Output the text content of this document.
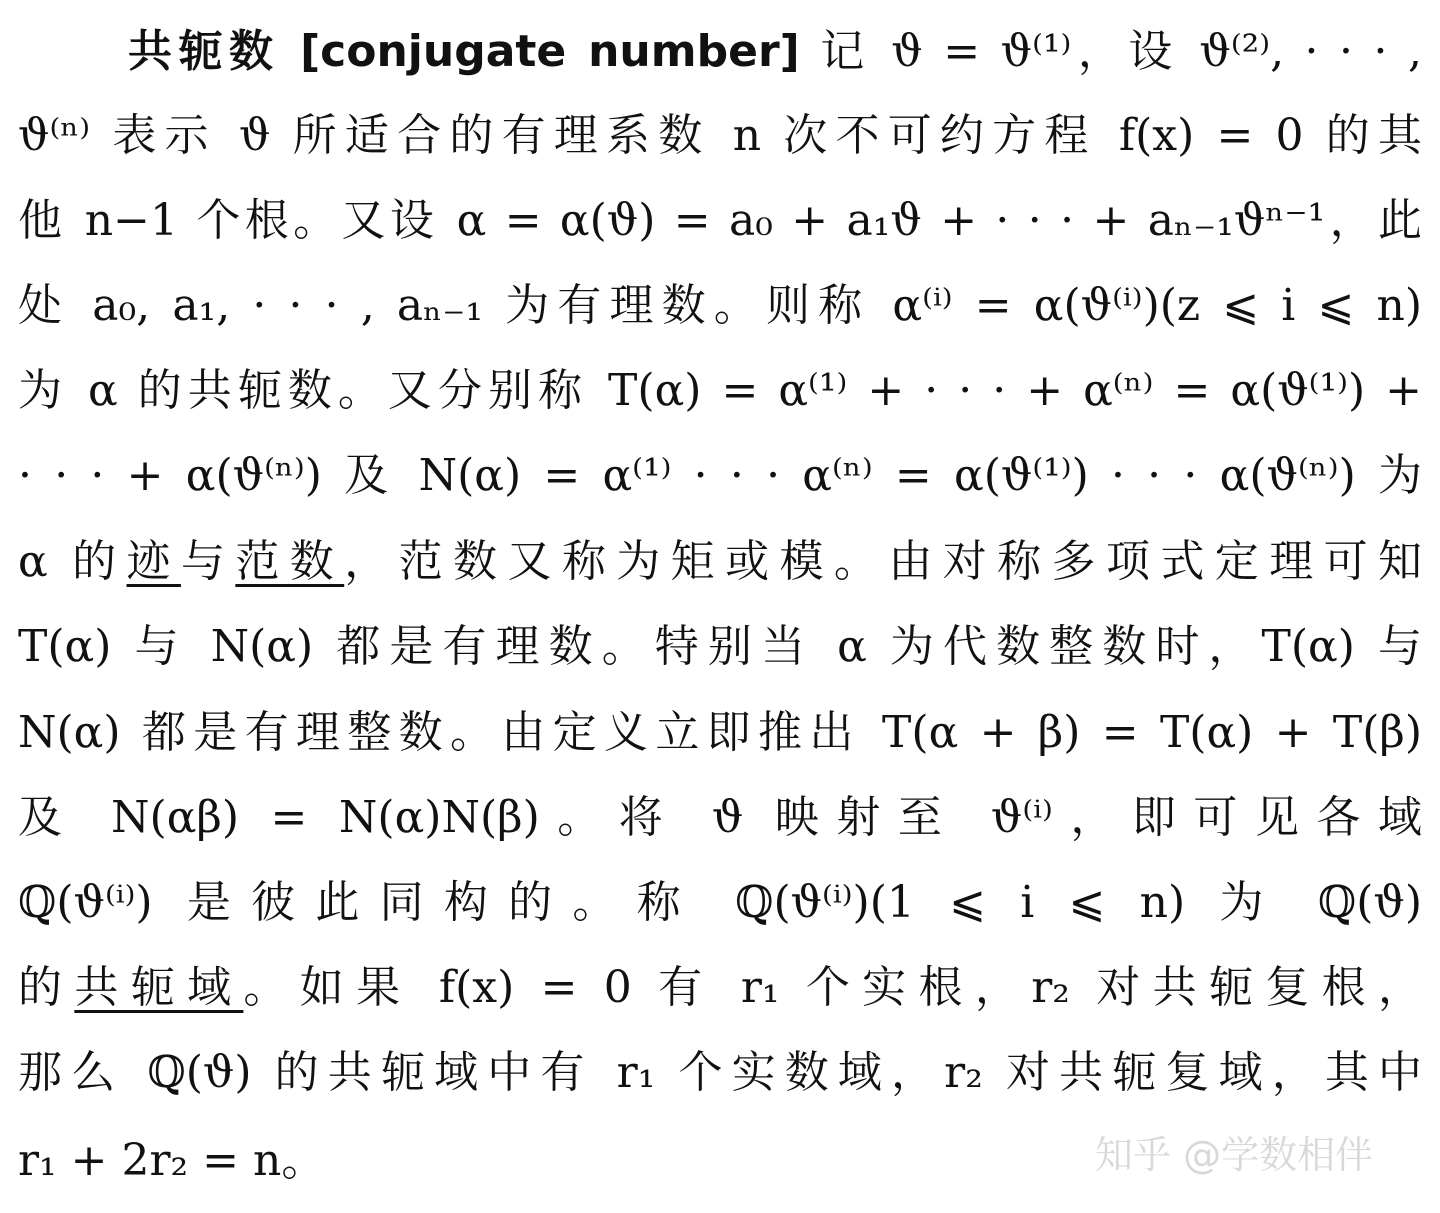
共轭数 [conjugate number] 记 ϑ = ϑ⁽¹⁾，设 ϑ⁽²⁾, · · · ,
ϑ⁽ⁿ⁾ 表示 ϑ 所适合的有理系数 n 次不可约方程 f(x) = 0 的其
他 n−1 个根。又设 α = α(ϑ) = a₀ + a₁ϑ + · · · + aₙ₋₁ϑⁿ⁻¹，此
处 a₀, a₁, · · · , aₙ₋₁ 为有理数。则称 α⁽ⁱ⁾ = α(ϑ⁽ⁱ⁾)(z ⩽ i ⩽ n)
为 α 的共轭数。又分别称 T(α) = α⁽¹⁾ + · · · + α⁽ⁿ⁾ = α(ϑ⁽¹⁾) +
· · · + α(ϑ⁽ⁿ⁾) 及 N(α) = α⁽¹⁾ · · · α⁽ⁿ⁾ = α(ϑ⁽¹⁾) · · · α(ϑ⁽ⁿ⁾) 为
α 的迹与范数，范数又称为矩或模。由对称多项式定理可知
T(α) 与 N(α) 都是有理数。特别当 α 为代数整数时，T(α) 与
N(α) 都是有理整数。由定义立即推出 T(α + β) = T(α) + T(β)
及 N(αβ) = N(α)N(β)。将 ϑ 映射至 ϑ⁽ⁱ⁾，即可见各域
ℚ(ϑ⁽ⁱ⁾) 是彼此同构的。称 ℚ(ϑ⁽ⁱ⁾)(1 ⩽ i ⩽ n) 为 ℚ(ϑ)
的共轭域。如果 f(x) = 0 有 r₁ 个实根，r₂ 对共轭复根，
那么 ℚ(ϑ) 的共轭域中有 r₁ 个实数域，r₂ 对共轭复域，其中
r₁ + 2r₂ = n。	知乎 @学数相伴
